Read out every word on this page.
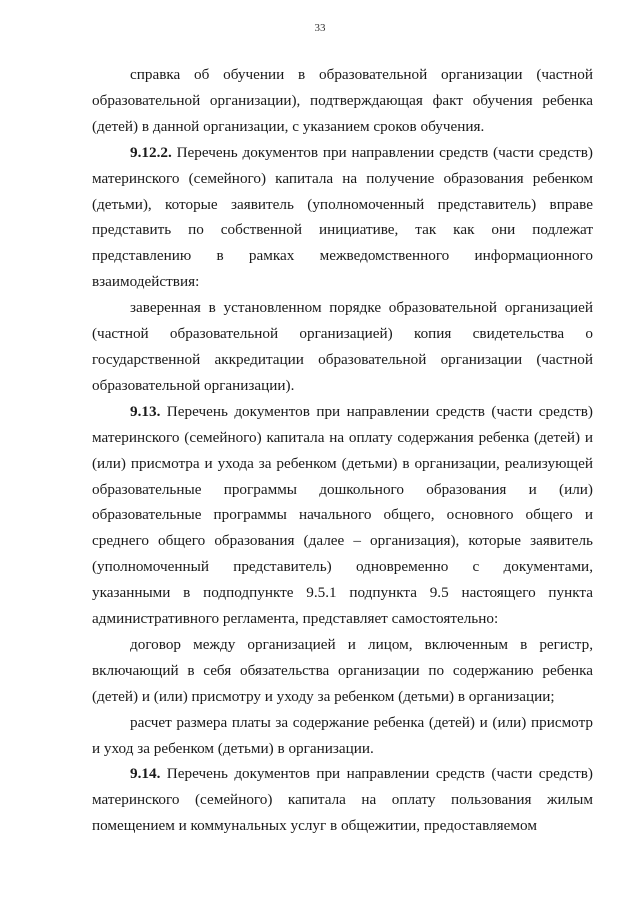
33

справка об обучении в образовательной организации (частной образовательной организации), подтверждающая факт обучения ребенка (детей) в данной организации, с указанием сроков обучения.

9.12.2. Перечень документов при направлении средств (части средств) материнского (семейного) капитала на получение образования ребенком (детьми), которые заявитель (уполномоченный представитель) вправе представить по собственной инициативе, так как они подлежат представлению в рамках межведомственного информационного взаимодействия:

заверенная в установленном порядке образовательной организацией (частной образовательной организацией) копия свидетельства о государственной аккредитации образовательной организации (частной образовательной организации).

9.13. Перечень документов при направлении средств (части средств) материнского (семейного) капитала на оплату содержания ребенка (детей) и (или) присмотра и ухода за ребенком (детьми) в организации, реализующей образовательные программы дошкольного образования и (или) образовательные программы начального общего, основного общего и среднего общего образования (далее – организация), которые заявитель (уполномоченный представитель) одновременно с документами, указанными в подподпункте 9.5.1 подпункта 9.5 настоящего пункта административного регламента, представляет самостоятельно:

договор между организацией и лицом, включенным в регистр, включающий в себя обязательства организации по содержанию ребенка (детей) и (или) присмотру и уходу за ребенком (детьми) в организации;

расчет размера платы за содержание ребенка (детей) и (или) присмотр и уход за ребенком (детьми) в организации.

9.14. Перечень документов при направлении средств (части средств) материнского (семейного) капитала на оплату пользования жилым помещением и коммунальных услуг в общежитии, предоставляемом
